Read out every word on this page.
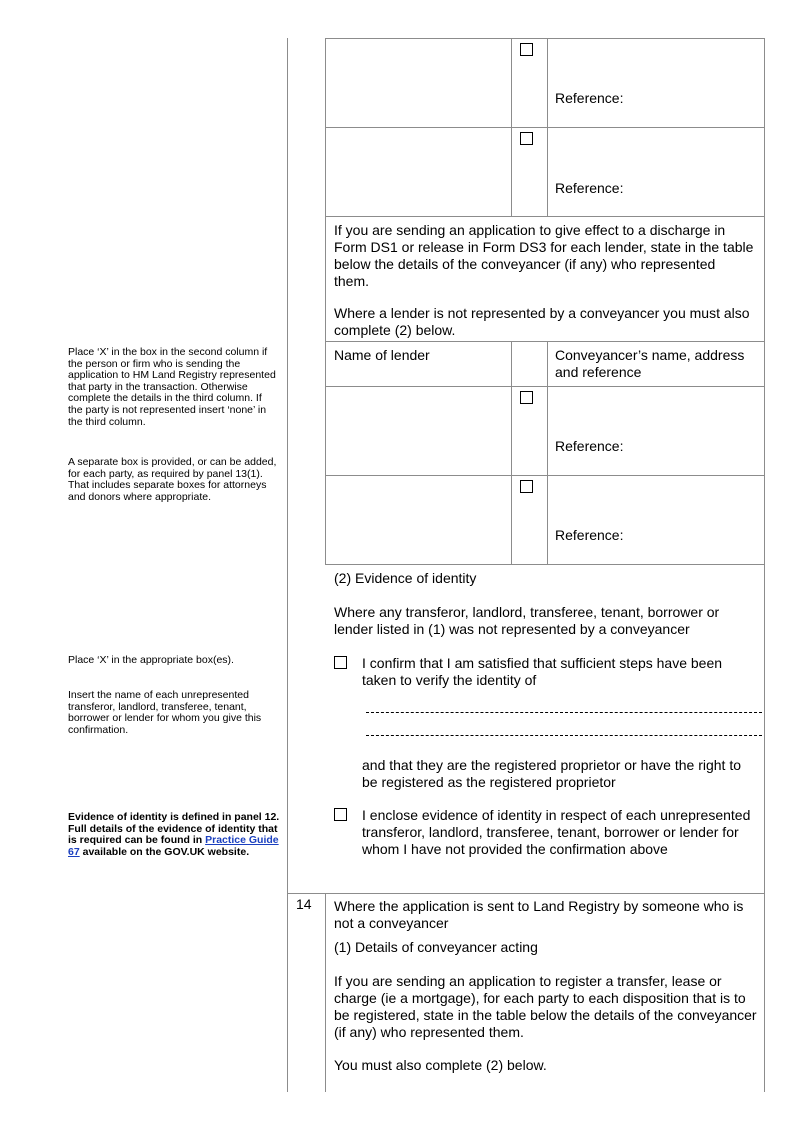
Reference:
Reference:
If you are sending an application to give effect to a discharge in Form DS1 or release in Form DS3 for each lender, state in the table below the details of the conveyancer (if any) who represented them.
Where a lender is not represented by a conveyancer you must also complete (2) below.
Name of lender	Conveyancer’s name, address and reference
Reference:
Reference:
Place ‘X’ in the box in the second column if the person or firm who is sending the application to HM Land Registry represented that party in the transaction. Otherwise complete the details in the third column. If the party is not represented insert ‘none’ in the third column.
A separate box is provided, or can be added, for each party, as required by panel 13(1). That includes separate boxes for attorneys and donors where appropriate.
Place ‘X’ in the appropriate box(es).
Insert the name of each unrepresented transferor, landlord, transferee, tenant, borrower or lender for whom you give this confirmation.
Evidence of identity is defined in panel 12. Full details of the evidence of identity that is required can be found in Practice Guide 67 available on the GOV.UK website.
(2) Evidence of identity
Where any transferor, landlord, transferee, tenant, borrower or lender listed in (1) was not represented by a conveyancer
I confirm that I am satisfied that sufficient steps have been taken to verify the identity of
and that they are the registered proprietor or have the right to be registered as the registered proprietor
I enclose evidence of identity in respect of each unrepresented transferor, landlord, transferee, tenant, borrower or lender for whom I have not provided the confirmation above
14 Where the application is sent to Land Registry by someone who is not a conveyancer
(1) Details of conveyancer acting
If you are sending an application to register a transfer, lease or charge (ie a mortgage), for each party to each disposition that is to be registered, state in the table below the details of the conveyancer (if any) who represented them.
You must also complete (2) below.
